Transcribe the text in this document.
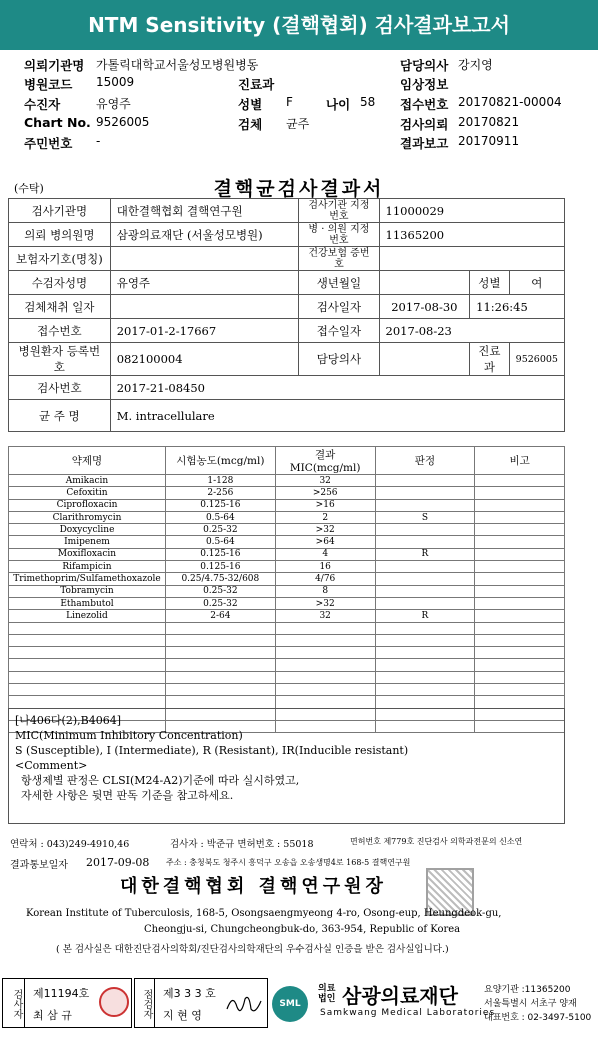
NTM Sensitivity (결핵협회) 검사결과보고서
의뢰기관명 가톨릭대학교서울성모병원병동	담당의사 강지영
병원코드 15009	진료과	임상정보
수진자	유영주	성별 F	나이 58 접수번호 20170821-00004
Chart No. 9526005	검체 균주	검사의뢰 20170821
주민번호 -	결과보고 20170911
(수탁)	결핵균검사결과서
검사기관명	대한결핵협회 결핵연구원	검사기관 지정번호	11000029		
의뢰 병의원명	삼광의료재단 (서울성모병원)	병 · 의원 지정번호	11365200		
보험자기호(명칭)		건강보험 증번호			
수검자성명	유영주	생년월일		성별	여
검체채취 일자		검사일자	2017-08-30	11:26:45	
접수번호	2017-01-2-17667	접수일자	2017-08-23		
병원환자 등록번호	082100004	담당의사		진료과	9526005
검사번호	2017-21-08450				
균 주 명	M. intracellulare				
약제명	시험농도(mcg/ml)	결과 MIC(mcg/ml)	판정	비고
Amikacin	1-128	32		
Cefoxitin	2-256	>256		
Ciprofloxacin	0.125-16	>16		
Clarithromycin	0.5-64	2	S	
Doxycycline	0.25-32	>32		
Imipenem	0.5-64	>64		
Moxifloxacin	0.125-16	4	R	
Rifampicin	0.125-16	16		
Trimethoprim/Sulfamethoxazole	0.25/4.75-32/608	4/76		
Tobramycin	0.25-32	8		
Ethambutol	0.25-32	>32		
Linezolid	2-64	32	R	

[나406다(2),B4064]
MIC(Minimum Inhibitory Concentration)
S (Susceptible), I (Intermediate), R (Resistant), IR(Inducible resistant)
<Comment>
항생제별 판정은 CLSI(M24-A2)기준에 따라 실시하였고,
자세한 사항은 뒷면 판독 기준을 참고하세요.
연락처 : 043)249-4910,46	검사자 : 박준규 면허번호 : 55018	면허번호 제779호 진단검사 의학과전문의 신소연
결과통보일자 2017-09-08 주소 : 충청북도 청주시 흥덕구 오송읍 오송생명4로 168-5 결핵연구원
대한결핵협회 결핵연구원장
Korean Institute of Tuberculosis, 168-5, Osongsaengmyeong 4-ro, Osong-eup, Heungdeok-gu,
Cheongju-si, Chungcheongbuk-do, 363-954, Republic of Korea
( 본 검사실은 대한진단검사의학회/진단검사의학재단의 우수검사실 인증을 받은 검사실입니다.)
검사자 제11194호
최 삼 규	점검자 제3 3 3 호
지 현 영
SML
의료 법인 삼광의료재단
Samkwang Medical Laboratories
요양기관 :11365200
서울특별시 서초구 양재
대표번호 : 02-3497-5100
